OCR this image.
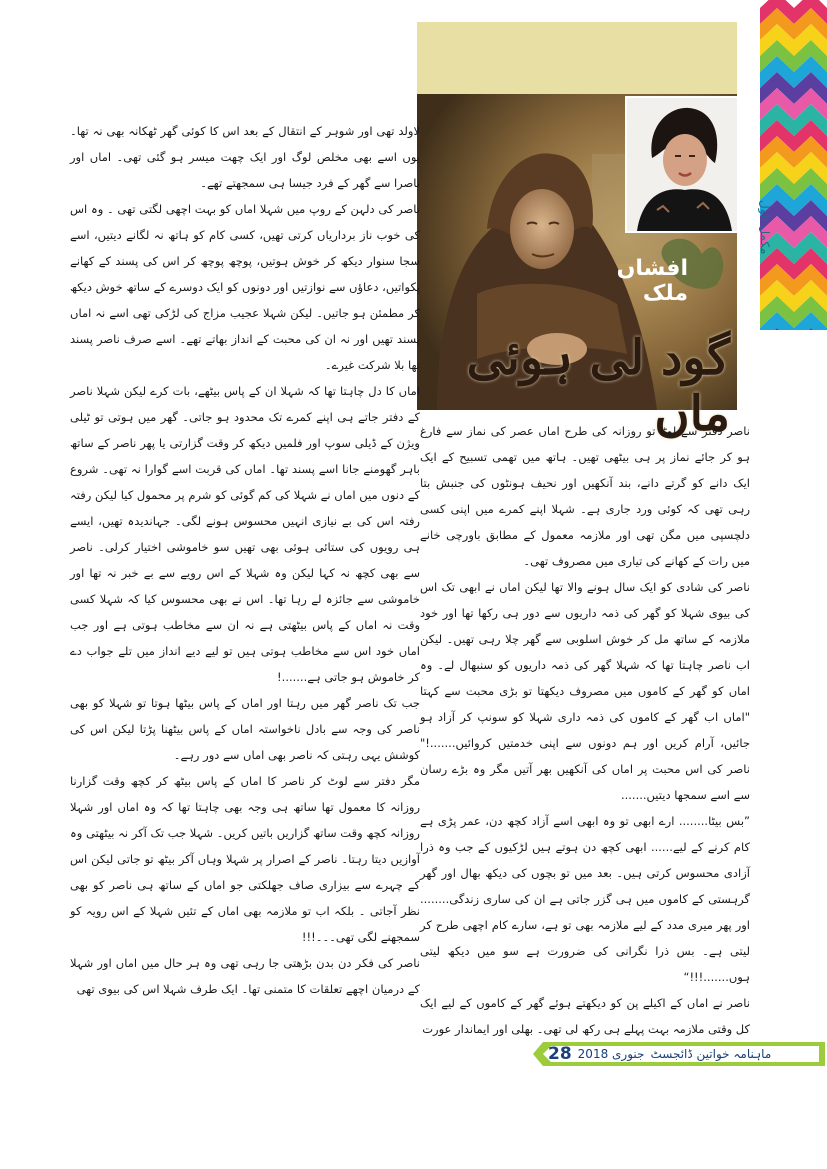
افشاں ملک
گود لی ہوئی ماں
مکمل ناول

لاولد تھی اور شوہر کے انتقال کے بعد اس کا کوئی گھر ٹھکانہ بھی نہ تھا۔ یوں اسے بھی مخلص لوگ اور ایک چھت میسر ہو گئی تھی۔ اماں اور ناصرا سے گھر کے فرد جیسا ہی سمجھتے تھے۔

ناصر کی دلہن کے روپ میں شہلا اماں کو بہت اچھی لگتی تھی ۔ وہ اس کی خوب ناز برداریاں کرتی تھیں، کسی کام کو ہاتھ نہ لگانے دیتیں، اسے سجا سنوار دیکھ کر خوش ہوتیں، پوچھ پوچھ کر اس کی پسند کے کھانے پکواتیں، دعاؤں سے نوازتیں اور دونوں کو ایک دوسرے کے ساتھ خوش دیکھ کر مطمئن ہو جاتیں۔ لیکن شہلا عجیب مزاج کی لڑکی تھی اسے نہ اماں پسند تھیں اور نہ ان کی محبت کے انداز بھاتے تھے۔ اسے صرف ناصر پسند تھا بلا شرکت غیرے۔

اماں کا دل چاہتا تھا کہ شہلا ان کے پاس بیٹھے، بات کرے لیکن شہلا ناصر کے دفتر جاتے ہی اپنے کمرے تک محدود ہو جاتی۔ گھر میں ہوتی تو ٹیلی ویژن کے ڈیلی سوپ اور فلمیں دیکھ کر وقت گزارتی یا پھر ناصر کے ساتھ باہر گھومنے جانا اسے پسند تھا۔ اماں کی قربت اسے گوارا نہ تھی۔ شروع کے دنوں میں اماں نے شہلا کی کم گوئی کو شرم پر محمول کیا لیکن رفتہ رفتہ اس کی بے نیازی انہیں محسوس ہونے لگی۔ جہاندیدہ تھیں، ایسے ہی رویوں کی ستائی ہوئی بھی تھیں سو خاموشی اختیار کرلی۔ ناصر سے بھی کچھ نہ کہا لیکن وہ شہلا کے اس رویے سے بے خبر نہ تھا اور خاموشی سے جائزہ لے رہا تھا۔ اس نے بھی محسوس کیا کہ شہلا کسی وقت نہ اماں کے پاس بیٹھتی ہے نہ ان سے مخاطب ہوتی ہے اور جب اماں خود اس سے مخاطب ہوتی ہیں تو لیے دیے انداز میں تلے جواب دے کر خاموش ہو جاتی ہے.......!

جب تک ناصر گھر میں رہتا اور اماں کے پاس بیٹھا ہوتا تو شہلا کو بھی ناصر کی وجہ سے بادل ناخواستہ اماں کے پاس بیٹھنا پڑتا لیکن اس کی کوشش یہی رہتی کہ ناصر بھی اماں سے دور رہے۔

مگر دفتر سے لوٹ کر ناصر کا اماں کے پاس بیٹھ کر کچھ وقت گزارنا روزانہ کا معمول تھا ساتھ ہی وجہ بھی چاہتا تھا کہ وہ اماں اور شہلا روزانہ کچھ وقت ساتھ گزاریں باتیں کریں۔ شہلا جب تک آکر نہ بیٹھتی وہ آوازیں دیتا رہتا۔ ناصر کے اصرار پر شہلا وہاں آکر بیٹھ تو جاتی لیکن اس کے چہرے سے بیزاری صاف جھلکتی جو اماں کے ساتھ ہی ناصر کو بھی نظر آجاتی ۔ بلکہ اب تو ملازمہ بھی اماں کے تئیں شہلا کے اس رویہ کو سمجھنے لگی تھی۔۔۔!!!

ناصر کی فکر دن بدن بڑھتی جا رہی تھی وہ ہر حال میں اماں اور شہلا کے درمیان اچھے تعلقات کا متمنی تھا۔ ایک طرف شہلا اس کی بیوی تھی

ناصر دفتر سے لوٹا تو روزانہ کی طرح اماں عصر کی نماز سے فارغ ہو کر جائے نماز پر ہی بیٹھی تھیں۔ ہاتھ میں تھمی تسبیح کے ایک ایک دانے کو گرتے دانے، بند آنکھیں اور نحیف ہونٹوں کی جنبش بتا رہی تھی کہ کوئی ورد جاری ہے۔ شہلا اپنے کمرے میں اپنی کسی دلچسپی میں مگن تھی اور ملازمہ معمول کے مطابق باورچی خانے میں رات کے کھانے کی تیاری میں مصروف تھی۔

ناصر کی شادی کو ایک سال ہونے والا تھا لیکن اماں نے ابھی تک اس کی بیوی شہلا کو گھر کی ذمہ داریوں سے دور ہی رکھا تھا اور خود ملازمہ کے ساتھ مل کر خوش اسلوبی سے گھر چلا رہی تھیں۔ لیکن اب ناصر چاہتا تھا کہ شہلا گھر کی ذمہ داریوں کو سنبھال لے۔ وہ اماں کو گھر کے کاموں میں مصروف دیکھتا تو بڑی محبت سے کہتا "اماں اب گھر کے کاموں کی ذمہ داری شہلا کو سونپ کر آزاد ہو جائیں، آرام کریں اور ہم دونوں سے اپنی خدمتیں کروائیں.......!" ناصر کی اس محبت پر اماں کی آنکھیں بھر آتیں مگر وہ بڑے رسان سے اسے سمجھا دیتیں.......

”بس بیٹا........ ارے ابھی تو وہ ابھی اسے آزاد کچھ دن، عمر پڑی ہے کام کرنے کے لیے...... ابھی کچھ دن ہوتے ہیں لڑکیوں کے جب وہ ذرا آزادی محسوس کرتی ہیں۔ بعد میں تو بچوں کی دیکھ بھال اور گھر گرہستی کے کاموں میں ہی گزر جاتی ہے ان کی ساری زندگی........ اور پھر میری مدد کے لیے ملازمہ بھی تو ہے، سارے کام اچھی طرح کر لیتی ہے۔ بس ذرا نگرانی کی ضرورت ہے سو میں دیکھ لیتی ہوں.......!!!“

ناصر نے اماں کے اکیلے پن کو دیکھتے ہوئے گھر کے کاموں کے لیے ایک کل وقتی ملازمہ بہت پہلے ہی رکھ لی تھی۔ بھلی اور ایماندار عورت

ماہنامہ خواتین ڈائجسٹ
جنوری 2018
28
